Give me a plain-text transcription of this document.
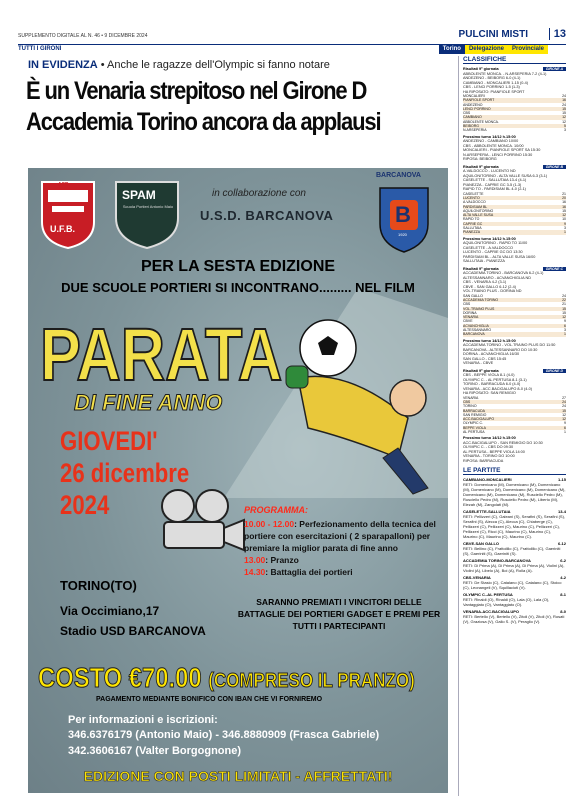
SUPPLEMENTO DIGITALE AL N. 46 • 9 DICEMBRE 2024	PULCINI MISTI	13
TUTTI I GIRONI	Torino	Delegazione	Provinciale
IN EVIDENZA • Anche le ragazze dell'Olympic si fanno notare
È un Venaria strepitoso nel Girone D
Accademia Torino ancora da applausi
ASD
U.F.B.
SPAM
Scuola Portieri Antonio Maio
BARCANOVA
B
1920
in collaborazione con
U.S.D. BARCANOVA
PER LA SESTA EDIZIONE
DUE SCUOLE PORTIERI SI INCONTRANO......... NEL FILM
PARATA
DI FINE ANNO
GIOVEDI'
26 dicembre
2024	PROGRAMMA:
10.00 - 12.00: Perfezionamento della tecnica del portiere con esercitazioni ( 2 sparapalloni) per premiare la miglior parata di fine anno
13.00: Pranzo
14.30: Battaglia dei portieri
TORINO(TO)
Via Occimiano,17
Stadio USD BARCANOVA
SARANNO PREMIATI I VINCITORI DELLE BATTAGLIE DEI PORTIERI GADGET E PREMI PER TUTTI I PARTECIPANTI
COSTO €70.00 (COMPRESO IL PRANZO)
PAGAMENTO MEDIANTE BONIFICO CON IBAN CHE VI FORNIREMO
Per informazioni e iscrizioni:
346.6376179 (Antonio Maio) - 346.8880909 (Frasca Gabriele)
342.3606167 (Valter Borgognone)
EDIZIONE CON POSTI LIMITATI - AFFRETTATI!
CLASSIFICHE
GIRONE A
Risultati 9ª giornata
ABBOLENTE MONCA. - N.ARSEPERIA 7-2 (4-1)
ANDEZENO - BEIBORG 6-0 (4-1)
CAMBIANO - MONCALIERI 1-15 (0-4)
CBS - LENCI PORRINO 1-5 (1-3)
HA RIPOSATO: PIANFIOLE SPORT
MONCALIERI	24
PIANFIOLE SPORT	16
ANDEZENO	24
LENCI PORRINO	15
CBS	15
CAMBIANO	12
ABBOLENTE MONCA.	12
BEIBORG	5
N.ARSEPERIA	3
Prossimo turno 14/12 h.15:00
ANDEZENO - CAMBIANO 10/00
CBS - ABBOLENTE MONCA. 10/00
MONCALIERI - PIANFIOLE SPORT SA 15:30
N.ARSEPERIA - LENCI PORRINO 15:30
RIPOSA: BEIBORG
GIRONE B
Risultati 9ª giornata
A.VALDOCCO - LUCENTO ND
AQUILONITORINO - ALTA VALLE SUSA 6-3 (3-1)
CASELETTE - SALLUTAIA 13-4 (4-1)
PIANEZZA - CAPRIE GC 3-5 (1-3)
RAPID TO - PARDISIAM BL 4-0 (2-1)
CASELETTE	21
LUCENTO	20
A.VALDOCCO	16
PARDISIAM BL	16
AQUILONITORINO	15
ALTA VALLE SUSA	12
RAPID TO	10
CAPRIE GC	9
SALLUTAIA	3
PIANEZZA	1
Prossimo turno 14/12 h.15:00
AQUILONITORINO - RAPID TO 11/00
CASELETTE - A.VALDOCCO
LUCENTO - CAPRIE GC DO 13:30
PARDISIAM BL - ALTA VALLE SUSA 16/00
SALLUTAIA - PIANEZZA
GIRONE C
Risultati 9ª giornata
ACCADEMIA TORINO - BARCANOVA 6-2 (4-1)
ALTESSANNARO - ACVANCHIGLIA ND
CBS - VENARIA 4-2 (3-1)
CBVE - SAN GALLO 6-12 (2-4)
VOL.TRAINO PLUS - DORINA ND
SAN GALLO	24
ACCADEMIA TORINO	22
CBS	21
VOL.TRAINO PLUS	15
DORINA	15
VENARIA	12
CBVE	9
ACVANCHIGLIA	6
ALTESSANNARO	3
BARCANOVA	1
Prossimo turno 14/12 h.15:00
ACCADEMIA TORINO - VOL.TRAINO PLUS DO 11:50
BARCANOVA - ALTESSANNARO DO 10:30
DORINA - ACVANCHIGLIA 16/30
SAN GALLO - CBS 15:45
VENARIA - CBVE
GIRONE D
Risultati 9ª giornata
CBS - BEPPE VIOLA 8-1 (4-0)
OLYMPIC C. - AL PERTUSA 8-1 (3-1)
TORINO - BARRACUDA 6-0 (4-0)
VENARIA - ACC.BACIGALUPO 8-0 (4-0)
HA RIPOSATO: SAN REMIGIO
VENARIA	27
CBS	24
TORINO	24
BARRACUDA	15
SAN REMIGIO	12
ACC.BACIGALUPO	12
OLYMPIC C.	9
BEPPE VIOLA	6
AL PERTUSA	1
Prossimo turno 14/12 h.15:00
ACC.BACIGALUPO - SAN REMIGIO DO 10:30
OLYMPIC C. - CBS DO 09:30
AL PERTUSA - BEPPE VIOLA 14:00
VENARIA - TORINO DO 10:00
RIPOSA: BARRACUDA
LE PARTITE
CAMBIANO-MONCALIERI	1-15
RETI: Domenicano (M), Domenicano (M), Domenicano (M), Domenicano (M), Domenicano (M), Domenicano (M), Domenicano (M), Domenicano (M), Rusciello Pedro (M), Rusciello Pedro (M), Rusciello Pedro (M), Liberto (M), Elezah (M), Zangolati (M).
CASELETTE-SALLUTAIA	13-4
RETI: Pellizzeri (C), Galeani (S), Serafini (S), Serafini (S), Serafini (S), Alecca (C), Alecca (C), Chiaberge (C), Pellizzeri (C), Pellizzeri (C), Maurino (C), Pellizzeri (C), Pellizzeri (C), Ricci (C), Maurino (C), Maurino (C), Maurino (C), Maurino (C), Maurino (C).
CBVE-SAN GALLO	6-12
RETI: Bellino (C), Frattolillo (C), Frattolillo (C), Gaeriniti (S), Gaeriniti (S), Gaeriniti (S).
ACCADEMIA TORINO-BARCANOVA	6-2
RETI: Di Prima (A), Di Prima (A), Di Prima (A), Violini (A), Violini (A), Libelo (A), Boi (A), Rolla (A).
CBS-VENARIA	4-2
RETI: De Stasio (C), Catalano (C), Catalano (C), Stoico (C), Leonangeli (V), Squillacioti (V).
OLYMPIC C.-AL PERTUSA	8-1
RETI: Rinaldi (O), Rinaldi (O), Lala (O), Lala (O), Vantaggiato (O), Vantaggiato (O).
VENARIA-ACC.BACIGALUPO	8-0
RETI: Bertello (V), Bertello (V), Zitoli (V), Zitoli (V), Rosati (V), Graziosa (V), Gallo S. (V), Peraglio (V).
